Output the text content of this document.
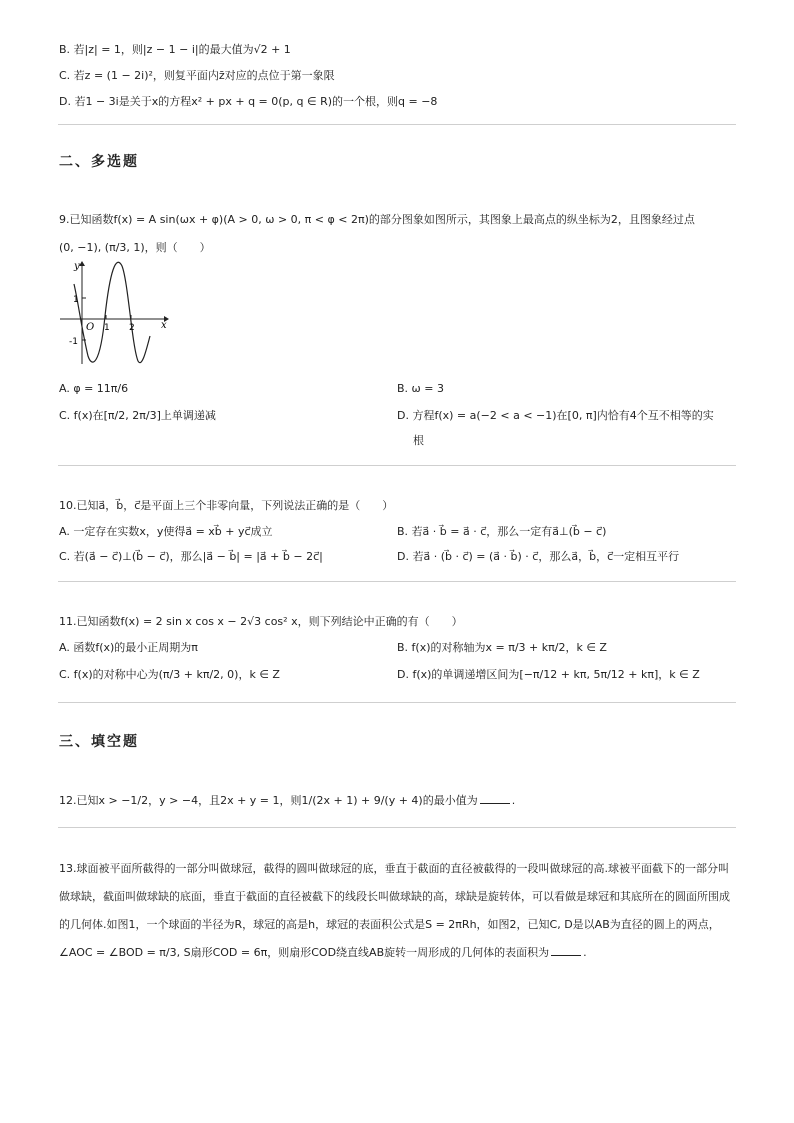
B. 若|z| = 1，则|z − 1 − i|的最大值为√2 + 1
C. 若z = (1 − 2i)²，则复平面内z̄对应的点位于第一象限
D. 若1 − 3i是关于x的方程x² + px + q = 0(p, q ∈ R)的一个根，则q = −8
二、多选题
9.已知函数f(x) = A sin(ωx + φ)(A > 0, ω > 0, π < φ < 2π)的部分图象如图所示，其图象上最高点的纵坐标为2，且图象经过点
(0, −1), (π/3, 1)，则（　　）
y
x
O
1
-1
1 2
A. φ = 11π/6	B. ω = 3
C. f(x)在[π/2, 2π/3]上单调递减	D. 方程f(x) = a(−2 < a < −1)在[0, π]内恰有4个互不相等的实
根
10.已知a⃗，b⃗，c⃗是平面上三个非零向量，下列说法正确的是（　　）
A. 一定存在实数x，y使得a⃗ = xb⃗ + yc⃗成立	B. 若a⃗ · b⃗ = a⃗ · c⃗，那么一定有a⃗⊥(b⃗ − c⃗)
C. 若(a⃗ − c⃗)⊥(b⃗ − c⃗)，那么|a⃗ − b⃗| = |a⃗ + b⃗ − 2c⃗|	D. 若a⃗ · (b⃗ · c⃗) = (a⃗ · b⃗) · c⃗，那么a⃗，b⃗，c⃗一定相互平行
11.已知函数f(x) = 2 sin x cos x − 2√3 cos² x，则下列结论中正确的有（　　）
A. 函数f(x)的最小正周期为π	B. f(x)的对称轴为x = π/3 + kπ/2，k ∈ Z
C. f(x)的对称中心为(π/3 + kπ/2, 0)，k ∈ Z	D. f(x)的单调递增区间为[−π/12 + kπ, 5π/12 + kπ]，k ∈ Z
三、填空题
12.已知x > −1/2，y > −4，且2x + y = 1，则1/(2x + 1) + 9/(y + 4)的最小值为	.
13.球面被平面所截得的一部分叫做球冠，截得的圆叫做球冠的底，垂直于截面的直径被截得的一段叫做球冠的高.球被平面截下的一部分叫
做球缺，截面叫做球缺的底面，垂直于截面的直径被截下的线段长叫做球缺的高，球缺是旋转体，可以看做是球冠和其底所在的圆面所围成
的几何体.如图1，一个球面的半径为R，球冠的高是h，球冠的表面积公式是S = 2πRh，如图2，已知C, D是以AB为直径的圆上的两点，
∠AOC = ∠BOD = π/3, S扇形COD = 6π，则扇形COD绕直线AB旋转一周形成的几何体的表面积为	.
